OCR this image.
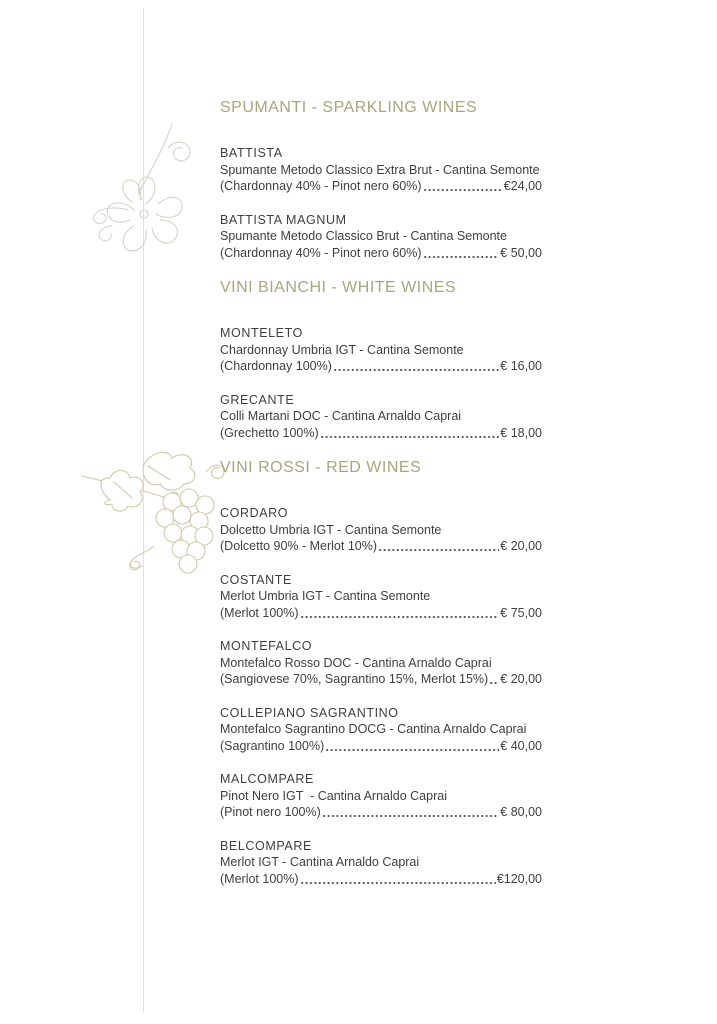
SPUMANTI - SPARKLING WINES
BATTISTA
Spumante Metodo Classico Extra Brut - Cantina Semonte
(Chardonnay 40% - Pinot nero 60%)	€24,00
BATTISTA MAGNUM
Spumante Metodo Classico Brut - Cantina Semonte
(Chardonnay 40% - Pinot nero 60%)	€ 50,00
VINI BIANCHI - WHITE WINES
MONTELETO
Chardonnay Umbria IGT - Cantina Semonte
(Chardonnay 100%)	€ 16,00
GRECANTE
Colli Martani DOC - Cantina Arnaldo Caprai
(Grechetto 100%)	€ 18,00
VINI ROSSI - RED WINES
CORDARO
Dolcetto Umbria IGT - Cantina Semonte
(Dolcetto 90% - Merlot 10%)	€ 20,00
COSTANTE
Merlot Umbria IGT - Cantina Semonte
(Merlot 100%)	€ 75,00
MONTEFALCO
Montefalco Rosso DOC - Cantina Arnaldo Caprai
(Sangiovese 70%, Sagrantino 15%, Merlot 15%) € 20,00
COLLEPIANO SAGRANTINO
Montefalco Sagrantino DOCG - Cantina Arnaldo Caprai
(Sagrantino 100%)	€ 40,00
MALCOMPARE
Pinot Nero IGT  - Cantina Arnaldo Caprai
(Pinot nero 100%)	€ 80,00
BELCOMPARE
Merlot IGT - Cantina Arnaldo Caprai
(Merlot 100%)	€120,00
